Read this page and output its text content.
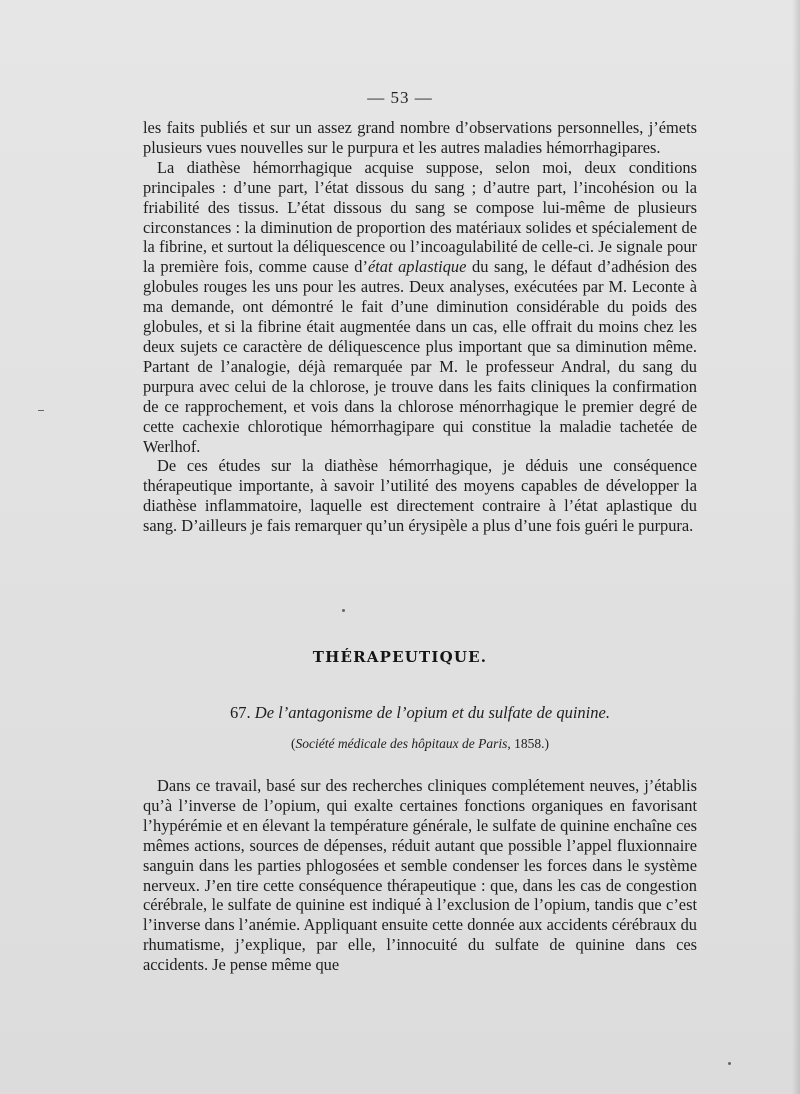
— 53 —

les faits publiés et sur un assez grand nombre d’observations personnelles, j’émets plusieurs vues nouvelles sur le purpura et les autres maladies hémorrhagipares.

La diathèse hémorrhagique acquise suppose, selon moi, deux conditions principales : d’une part, l’état dissous du sang ; d’autre part, l’incohésion ou la friabilité des tissus. L’état dissous du sang se compose lui-même de plusieurs circonstances : la diminution de proportion des matériaux solides et spécialement de la fibrine, et surtout la déliquescence ou l’incoagulabilité de celle-ci. Je signale pour la première fois, comme cause d’état aplastique du sang, le défaut d’adhésion des globules rouges les uns pour les autres. Deux analyses, exécutées par M. Leconte à ma demande, ont démontré le fait d’une diminution considérable du poids des globules, et si la fibrine était augmentée dans un cas, elle offrait du moins chez les deux sujets ce caractère de déliquescence plus important que sa diminution même. Partant de l’analogie, déjà remarquée par M. le professeur Andral, du sang du purpura avec celui de la chlorose, je trouve dans les faits cliniques la confirmation de ce rapprochement, et vois dans la chlorose ménorrhagique le premier degré de cette cachexie chlorotique hémorrhagipare qui constitue la maladie tachetée de Werlhof.

De ces études sur la diathèse hémorrhagique, je déduis une conséquence thérapeutique importante, à savoir l’utilité des moyens capables de développer la diathèse inflammatoire, laquelle est directement contraire à l’état aplastique du sang. D’ailleurs je fais remarquer qu’un érysipèle a plus d’une fois guéri le purpura.

THÉRAPEUTIQUE.
67. De l’antagonisme de l’opium et du sulfate de quinine.
(Société médicale des hôpitaux de Paris, 1858.)

Dans ce travail, basé sur des recherches cliniques complétement neuves, j’établis qu’à l’inverse de l’opium, qui exalte certaines fonctions organiques en favorisant l’hypérémie et en élevant la température générale, le sulfate de quinine enchaîne ces mêmes actions, sources de dépenses, réduit autant que possible l’appel fluxionnaire sanguin dans les parties phlogosées et semble condenser les forces dans le système nerveux. J’en tire cette conséquence thérapeutique : que, dans les cas de congestion cérébrale, le sulfate de quinine est indiqué à l’exclusion de l’opium, tandis que c’est l’inverse dans l’anémie. Appliquant ensuite cette donnée aux accidents cérébraux du rhumatisme, j’explique, par elle, l’innocuité du sulfate de quinine dans ces accidents. Je pense même que
